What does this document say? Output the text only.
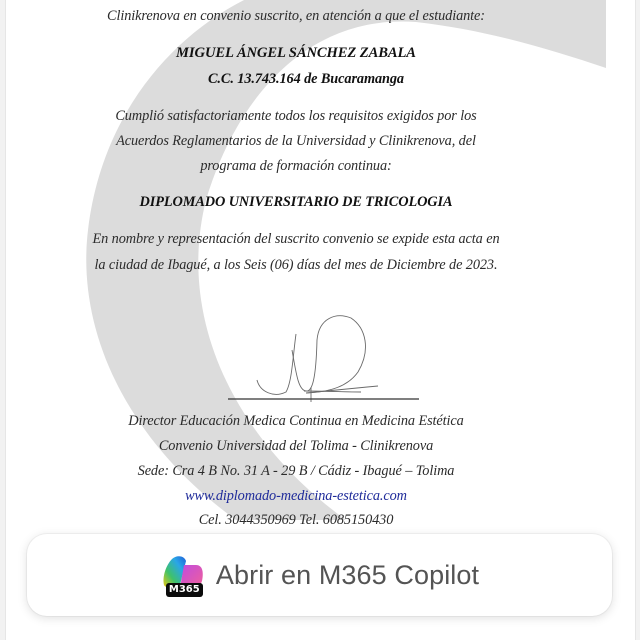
Clinikrenova en convenio suscrito, en atención a que el estudiante:
MIGUEL ÁNGEL SÁNCHEZ ZABALA
C.C. 13.743.164 de Bucaramanga
Cumplió satisfactoriamente todos los requisitos exigidos por los
Acuerdos Reglamentarios de la Universidad y Clinikrenova, del
programa de formación continua:
DIPLOMADO UNIVERSITARIO DE TRICOLOGIA
En nombre y representación del suscrito convenio se expide esta acta en
la ciudad de Ibagué, a los Seis (06) días del mes de Diciembre de 2023.
Director Educación Medica Continua en Medicina Estética
Convenio Universidad del Tolima - Clinikrenova
Sede: Cra 4 B No. 31 A - 29 B / Cádiz - Ibagué – Tolima
www.diplomado-medicina-estetica.com
Cel. 3044350969 Tel. 6085150430
M365 Abrir en M365 Copilot
